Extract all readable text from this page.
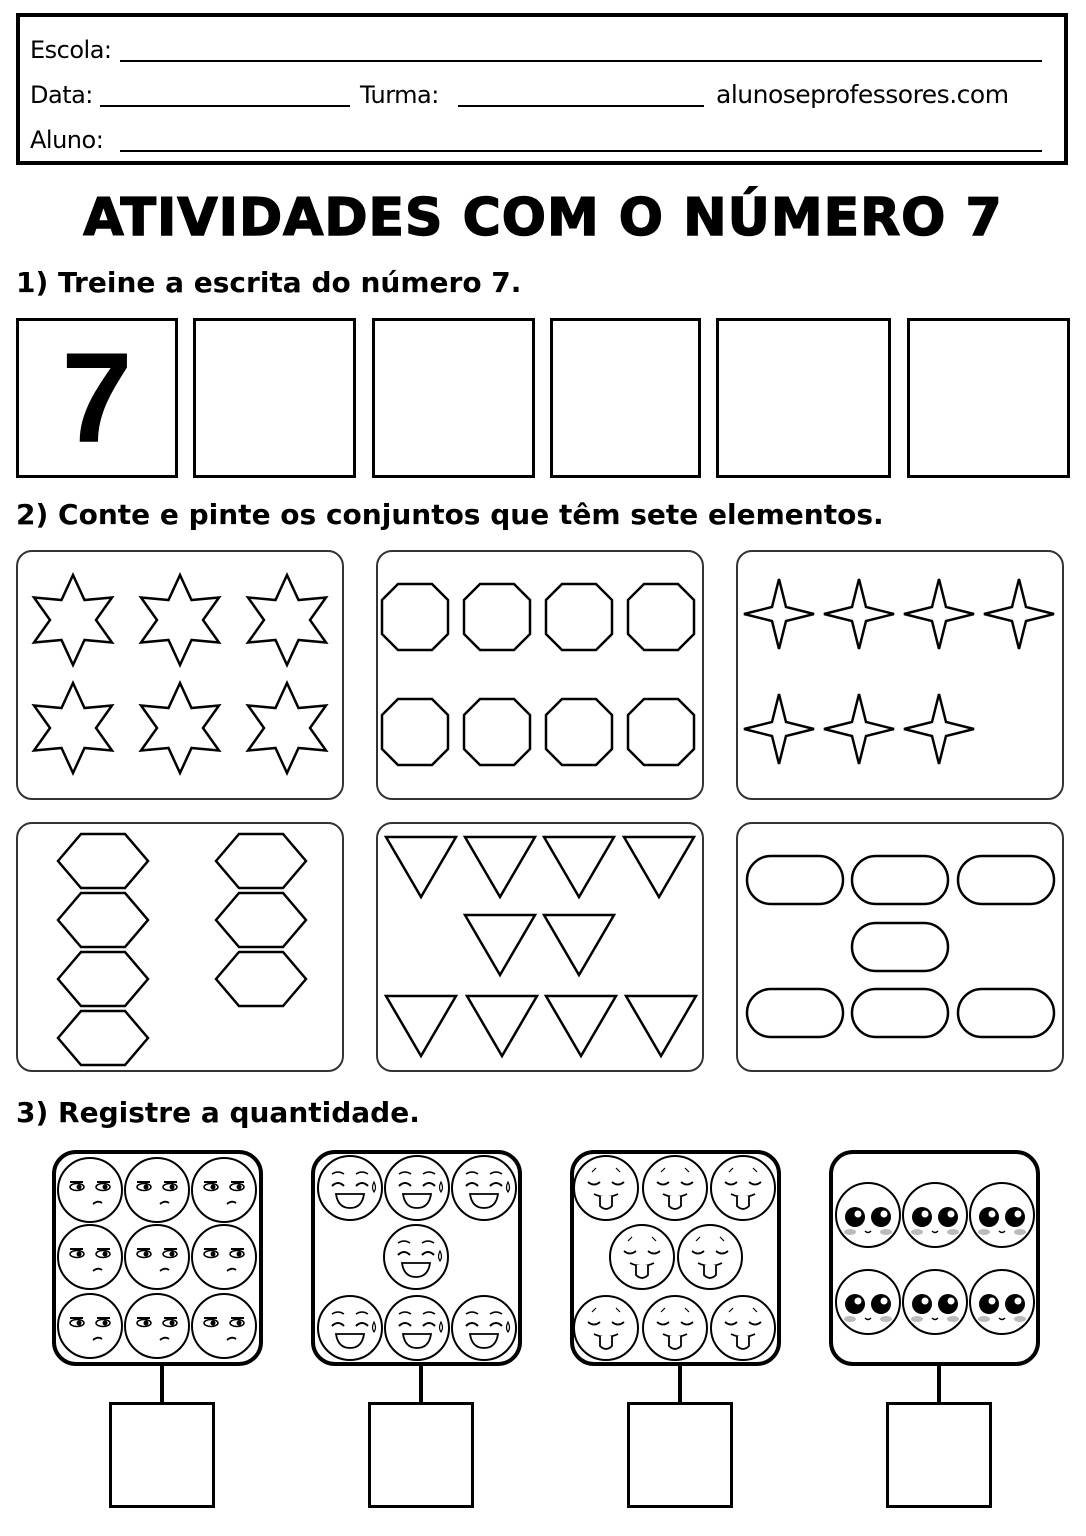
Escola:
Data:	Turma:	alunoseprofessores.com
Aluno:
ATIVIDADES COM O NÚMERO 7
1) Treine a escrita do número 7.
7
2) Conte e pinte os conjuntos que têm sete elementos.
3) Registre a quantidade.
